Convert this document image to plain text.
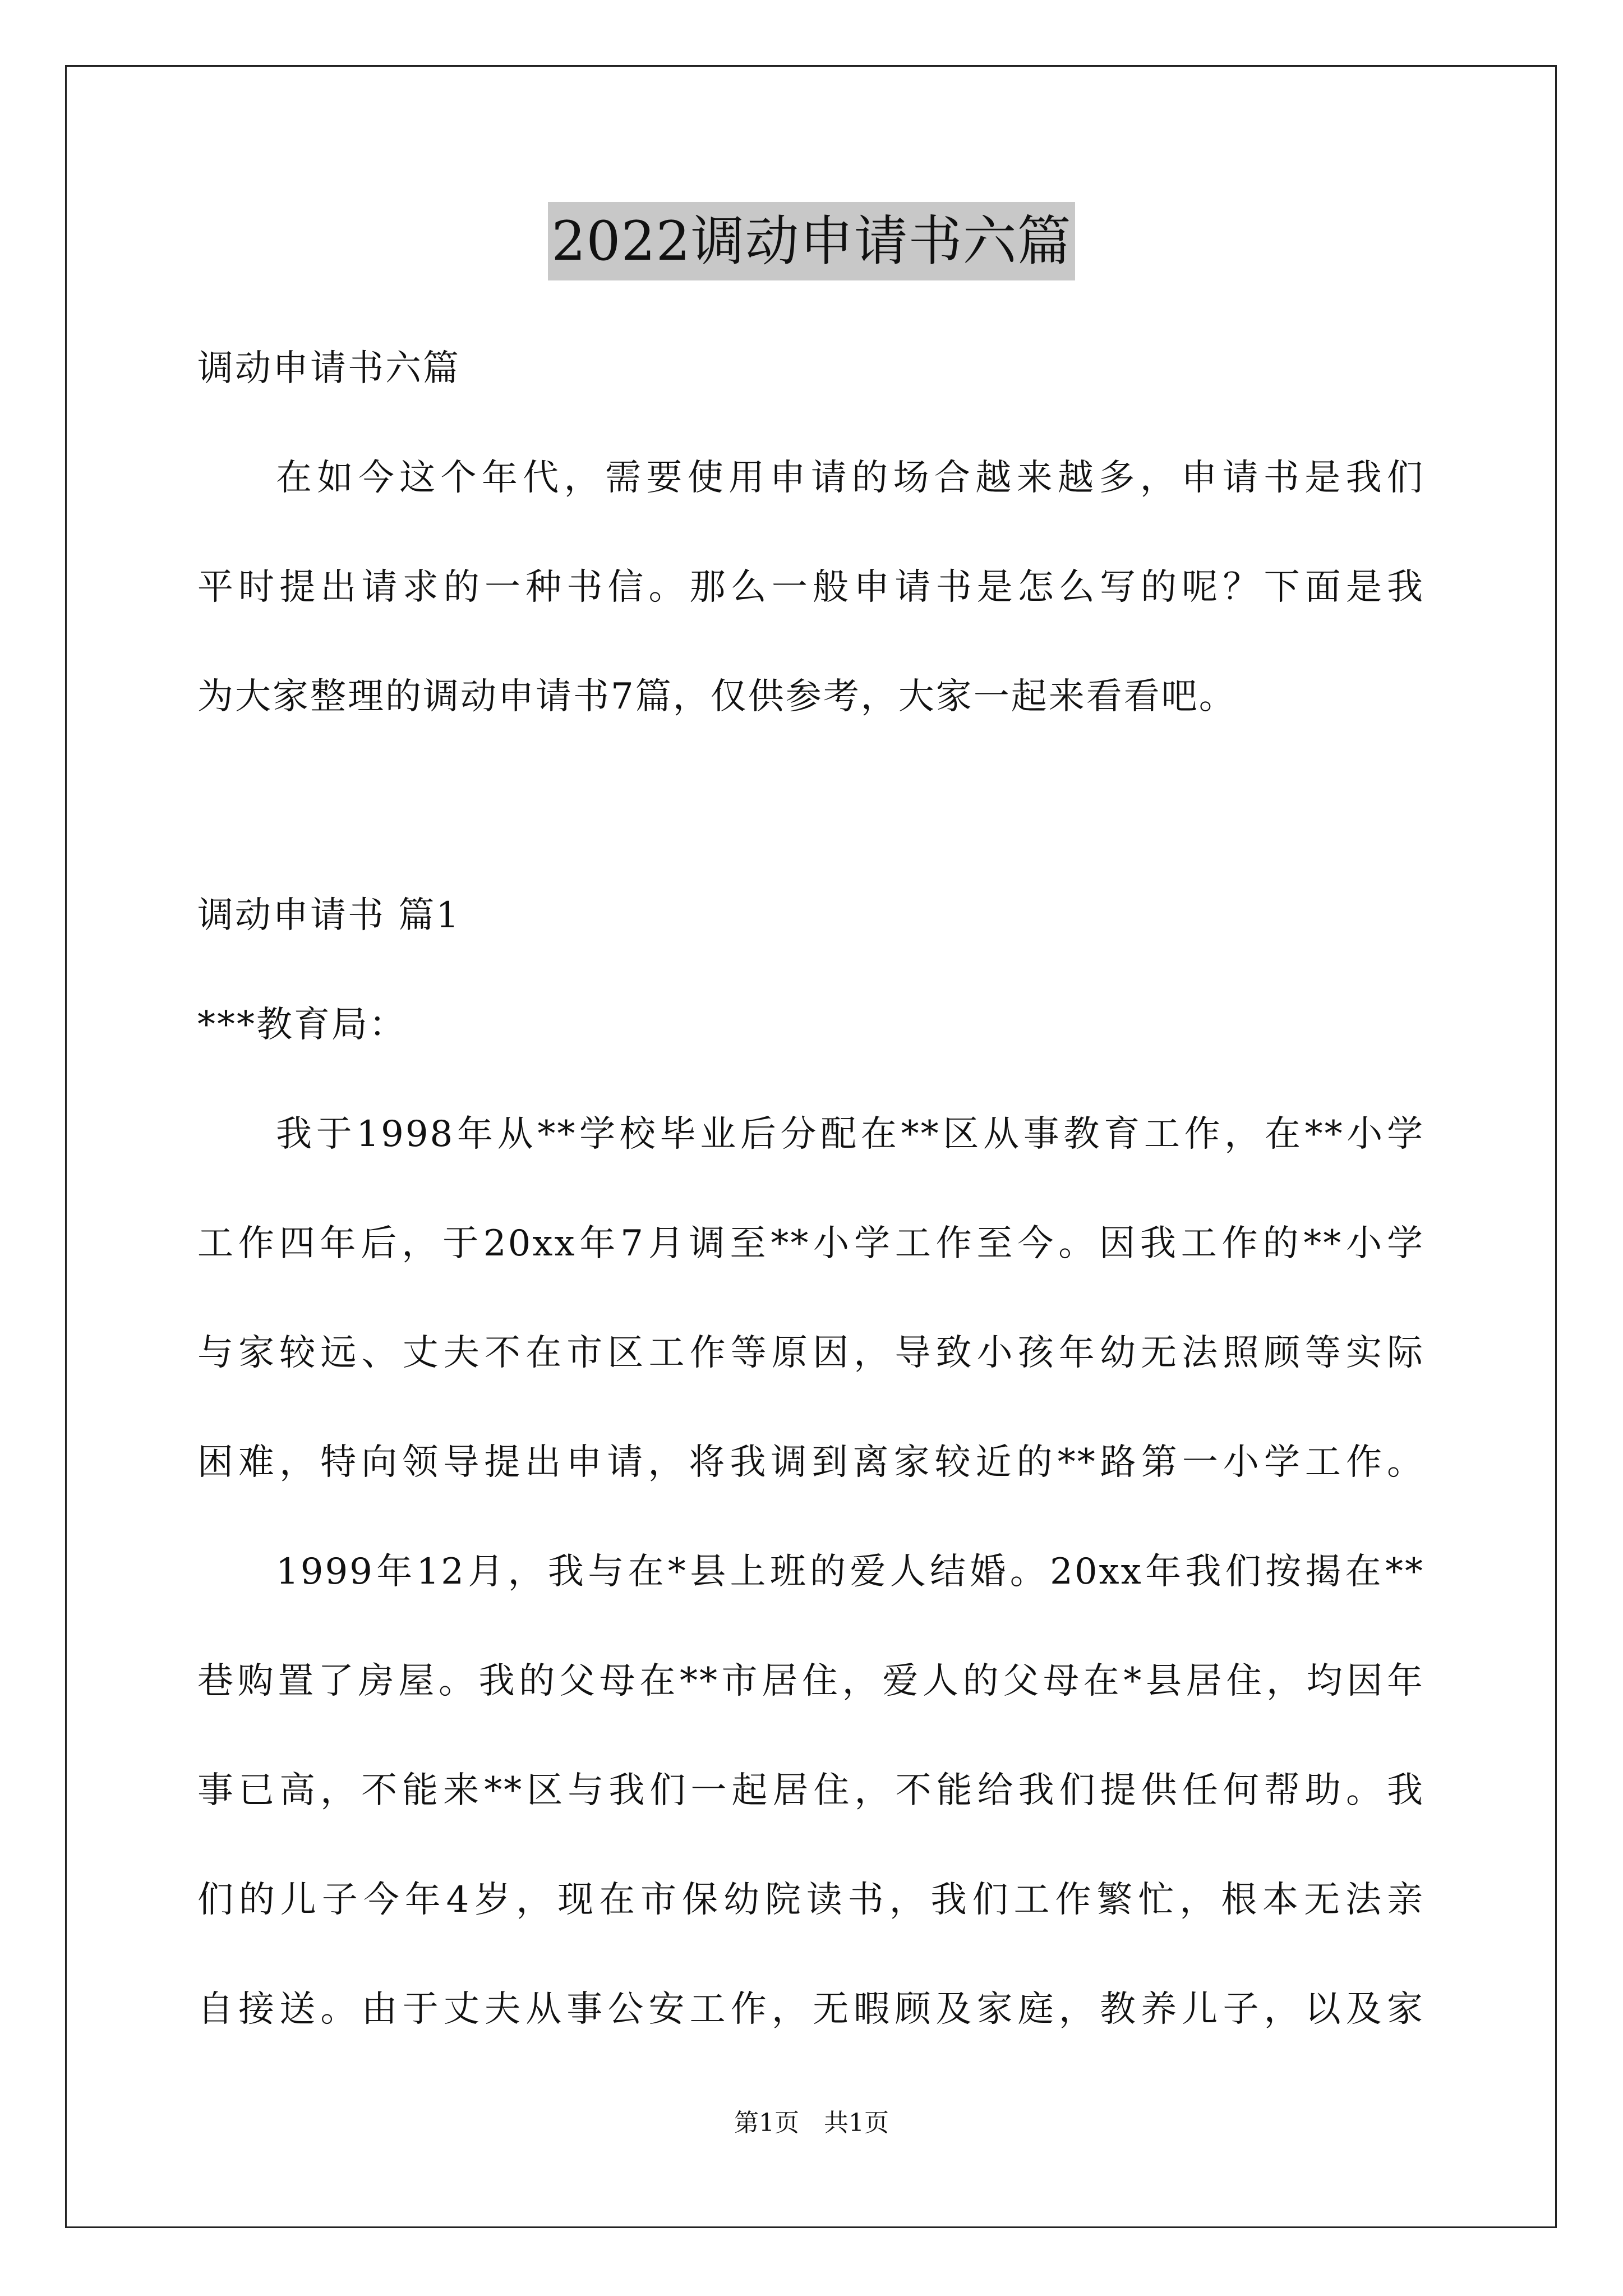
2022调动申请书六篇
调动申请书六篇
在如今这个年代，需要使用申请的场合越来越多，申请书是我们
平时提出请求的一种书信。那么一般申请书是怎么写的呢？下面是我
为大家整理的调动申请书7篇，仅供参考，大家一起来看看吧。
调动申请书 篇1
***教育局：
我于1998年从**学校毕业后分配在**区从事教育工作，在**小学
工作四年后，于20xx年7月调至**小学工作至今。因我工作的**小学
与家较远、丈夫不在市区工作等原因，导致小孩年幼无法照顾等实际
困难，特向领导提出申请，将我调到离家较近的**路第一小学工作。
1999年12月，我与在*县上班的爱人结婚。20xx年我们按揭在**
巷购置了房屋。我的父母在**市居住，爱人的父母在*县居住，均因年
事已高，不能来**区与我们一起居住，不能给我们提供任何帮助。我
们的儿子今年4岁，现在市保幼院读书，我们工作繁忙，根本无法亲
自接送。由于丈夫从事公安工作，无暇顾及家庭，教养儿子，以及家
第1页 共1页
